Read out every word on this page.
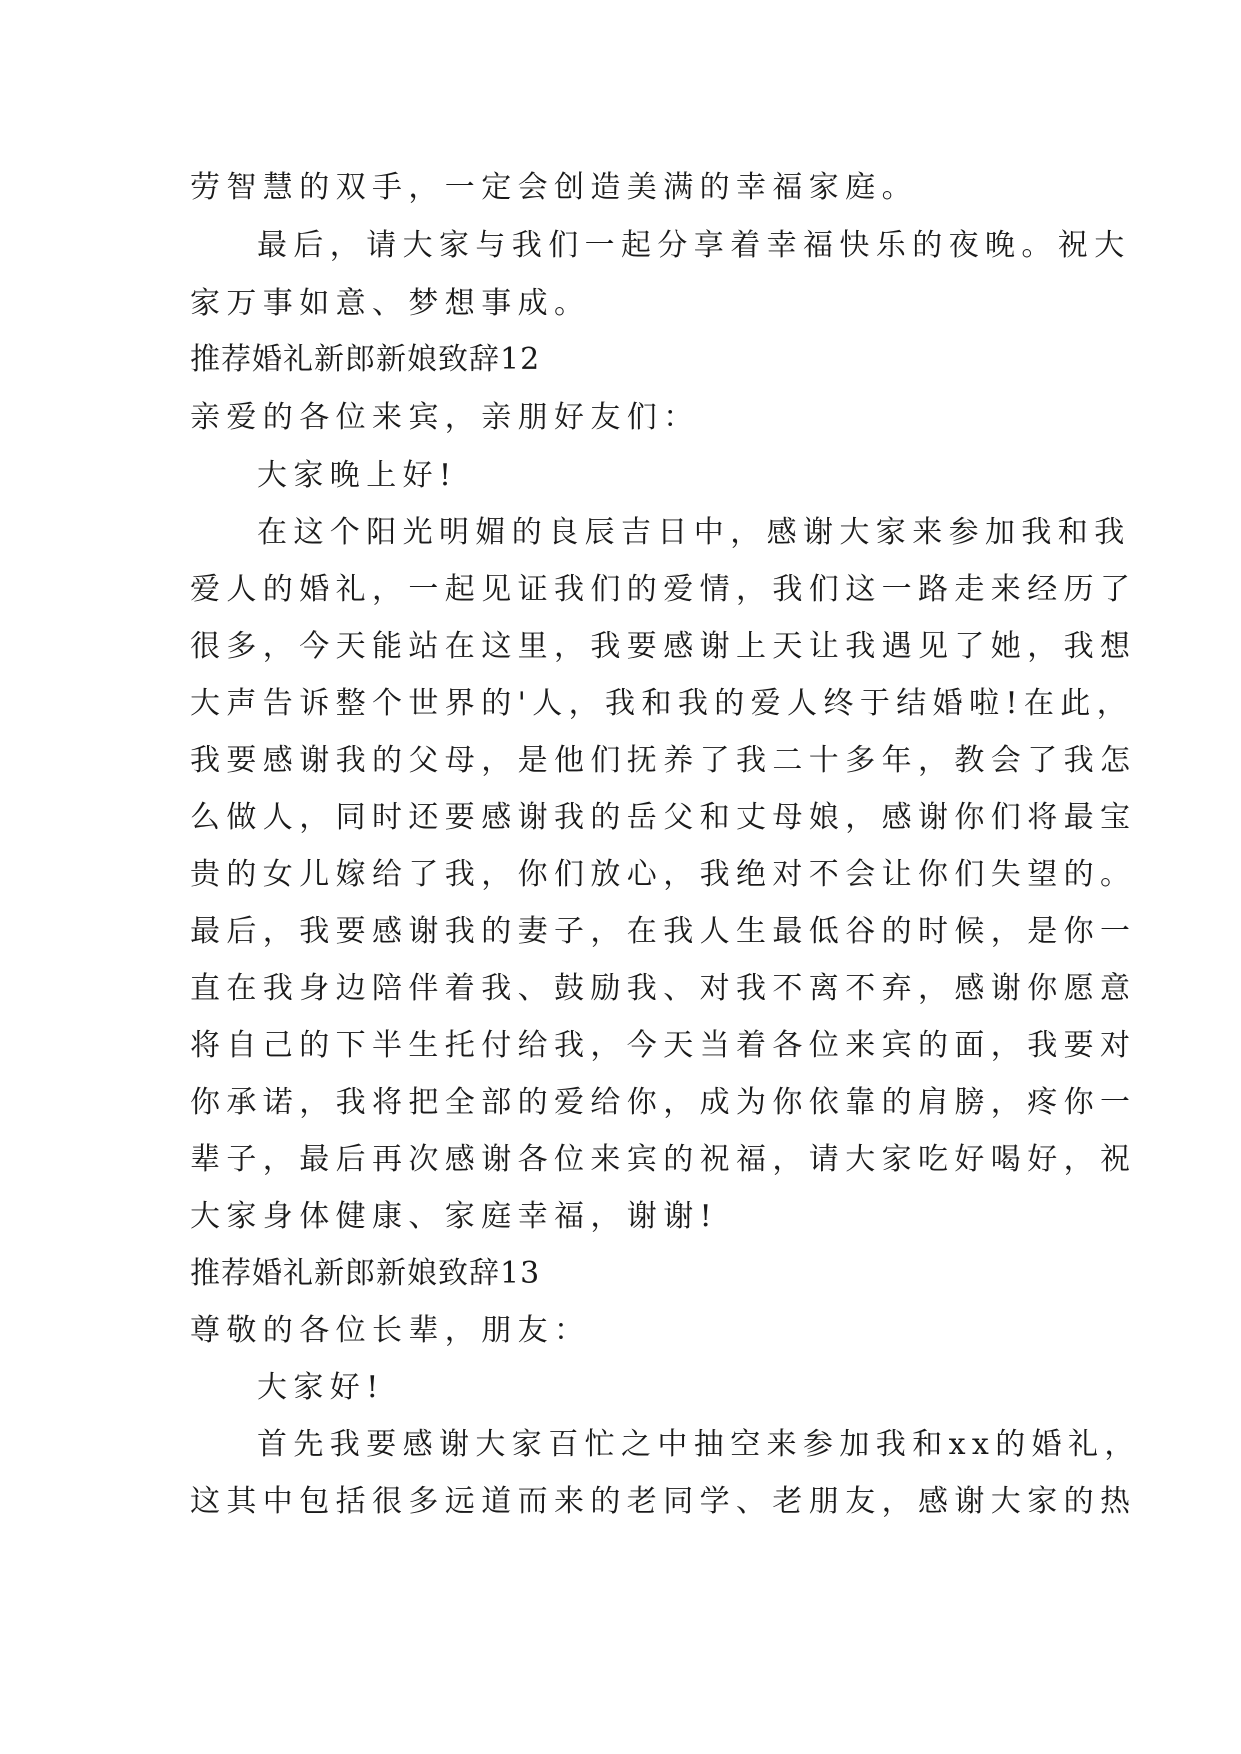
劳智慧的双手，一定会创造美满的幸福家庭。
最后，请大家与我们一起分享着幸福快乐的夜晚。祝大
家万事如意、梦想事成。
推荐婚礼新郎新娘致辞12
亲爱的各位来宾，亲朋好友们：
大家晚上好!
在这个阳光明媚的良辰吉日中，感谢大家来参加我和我
爱人的婚礼，一起见证我们的爱情，我们这一路走来经历了
很多，今天能站在这里，我要感谢上天让我遇见了她，我想
大声告诉整个世界的'人，我和我的爱人终于结婚啦!在此，
我要感谢我的父母，是他们抚养了我二十多年，教会了我怎
么做人，同时还要感谢我的岳父和丈母娘，感谢你们将最宝
贵的女儿嫁给了我，你们放心，我绝对不会让你们失望的。
最后，我要感谢我的妻子，在我人生最低谷的时候，是你一
直在我身边陪伴着我、鼓励我、对我不离不弃，感谢你愿意
将自己的下半生托付给我，今天当着各位来宾的面，我要对
你承诺，我将把全部的爱给你，成为你依靠的肩膀，疼你一
辈子，最后再次感谢各位来宾的祝福，请大家吃好喝好，祝
大家身体健康、家庭幸福，谢谢!
推荐婚礼新郎新娘致辞13
尊敬的各位长辈，朋友：
大家好!
首先我要感谢大家百忙之中抽空来参加我和xx的婚礼，
这其中包括很多远道而来的老同学、老朋友，感谢大家的热
